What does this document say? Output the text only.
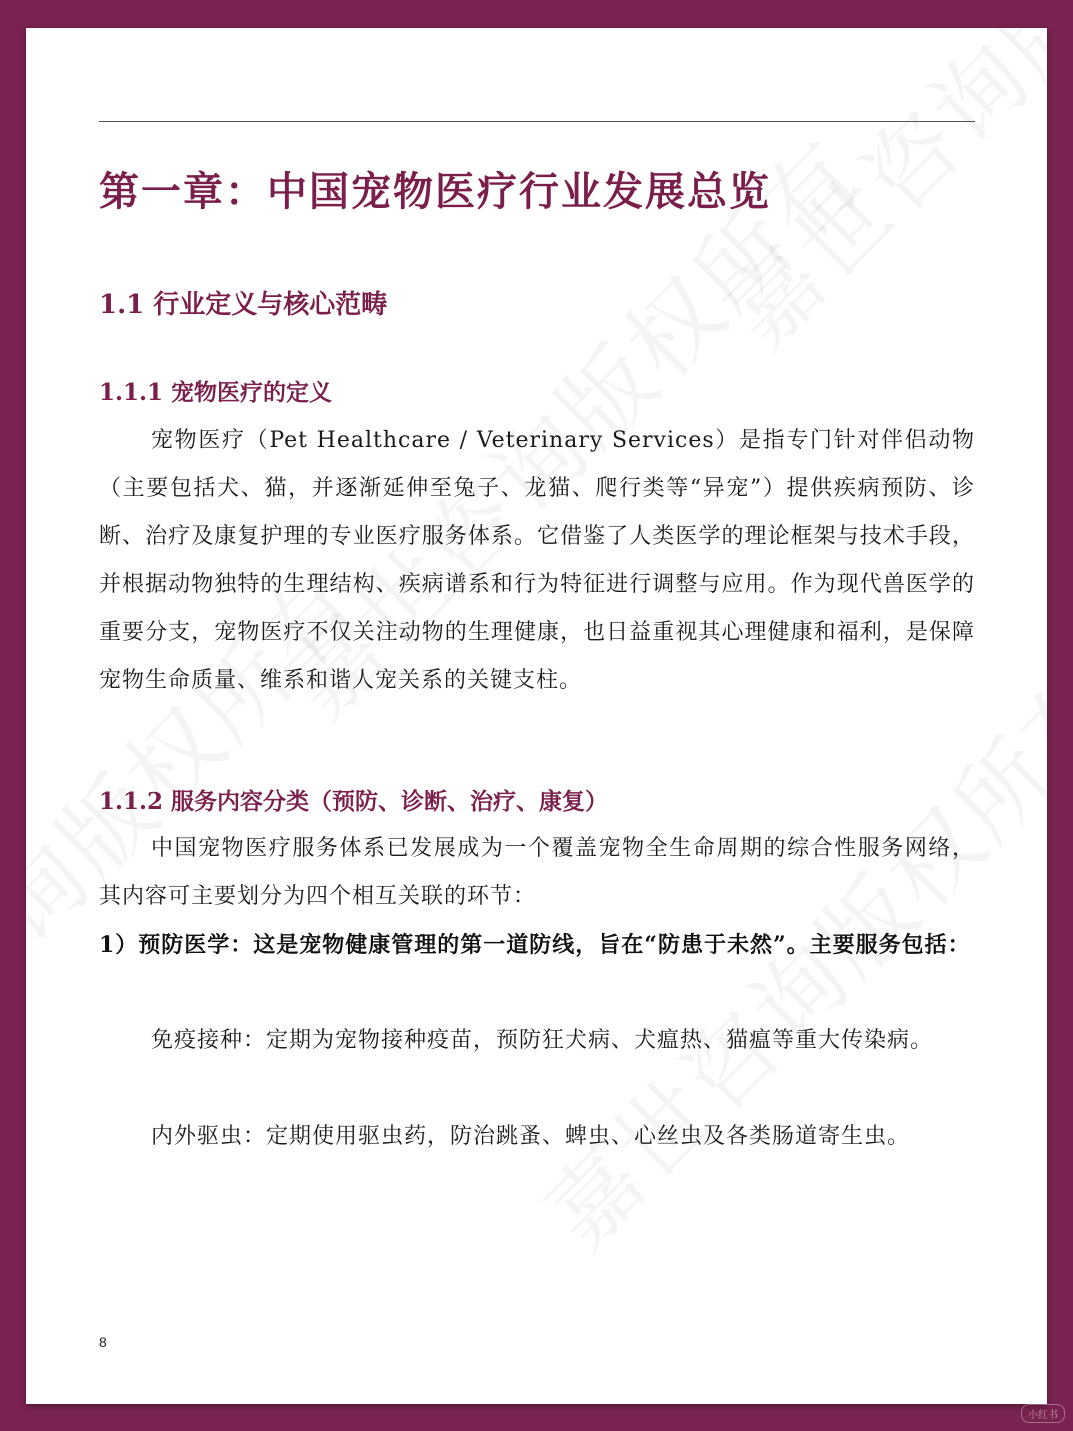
第一章：中国宠物医疗行业发展总览
1.1 行业定义与核心范畴
1.1.1 宠物医疗的定义

宠物医疗（Pet Healthcare / Veterinary Services）是指专门针对伴侣动物（主要包括犬、猫，并逐渐延伸至兔子、龙猫、爬行类等“异宠”）提供疾病预防、诊断、治疗及康复护理的专业医疗服务体系。它借鉴了人类医学的理论框架与技术手段，并根据动物独特的生理结构、疾病谱系和行为特征进行调整与应用。作为现代兽医学的重要分支，宠物医疗不仅关注动物的生理健康，也日益重视其心理健康和福利，是保障宠物生命质量、维系和谐人宠关系的关键支柱。

1.1.2 服务内容分类（预防、诊断、治疗、康复）

中国宠物医疗服务体系已发展成为一个覆盖宠物全生命周期的综合性服务网络，其内容可主要划分为四个相互关联的环节：

1）预防医学：这是宠物健康管理的第一道防线，旨在“防患于未然”。主要服务包括：

免疫接种：定期为宠物接种疫苗，预防狂犬病、犬瘟热、猫瘟等重大传染病。

内外驱虫：定期使用驱虫药，防治跳蚤、蜱虫、心丝虫及各类肠道寄生虫。

8
小红书
